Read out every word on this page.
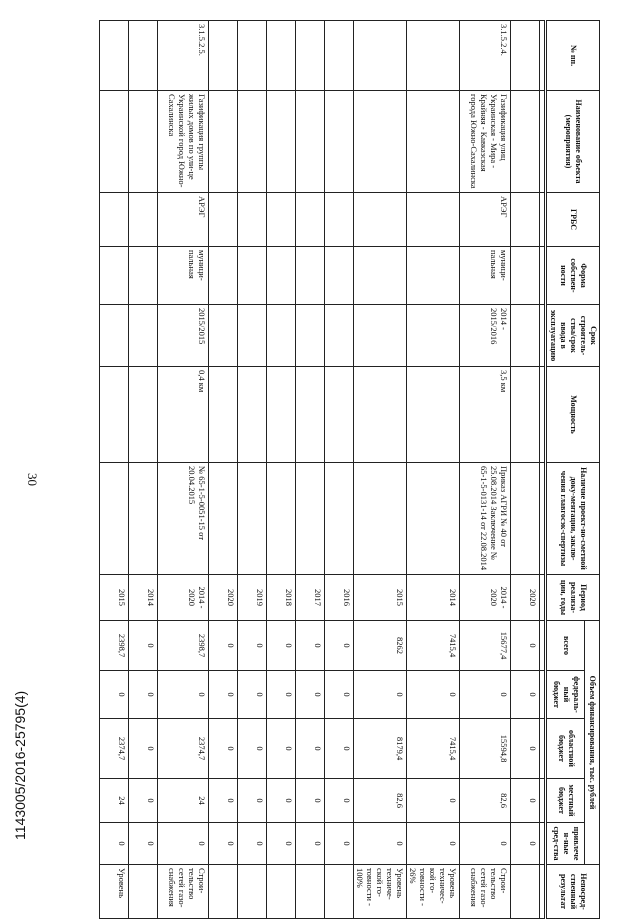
30
1143005/2016-25795(4)
№ пп.	Наименование объекта (мероприятия)	ГРБС	Форма собствен-ности	Срок строитель-ства/срок ввода в эксплуатацию	Мощность	Наличие проект-но-сметной доку-ментации, заклю-чения главгосэк-спертизы	Период реализа-ции, годы	Объем финансирования, тыс. рублей					Непосред-ственный результат
								всего	федераль-ный бюджет	областной бюджет	местный бюджет	привлечен-ные сред-ства	

							2020	0	0	0	0	0	
3.1.5.2.4.	Газификация улиц Украинская - Мира - Крайняя - Кавказская города Южно-Сахалинска	АРЭГ	муници-пальная	2014 - 2015/2016	3,5 км	Приказ АГРИ № 40 от 25.08.2014 Заключение № 65-1-5-0131-14 от 22.08.2014	2014 - 2020	15677,4	0	15594,8	82,6	0	Строи-тельство сетей газо-снабжения
							2014	7415,4	0	7415,4	0	0	Уровень техничес-кой го-товности - 26%
							2015	8262	0	8179,4	82,6	0	Уровень техниче-ской го-товности - 100%
							2016	0	0	0	0	0	
							2017	0	0	0	0	0	
							2018	0	0	0	0	0	
							2019	0	0	0	0	0	
							2020	0	0	0	0	0	
3.1.5.2.5.	Газификация группы жилых домов по ули-це Украинской город Южно-Сахалинска	АРЭГ	муници-пальная	2015/2015	0,4 км	№ 65-1-5-0051-15 от 20.04.2015	2014 - 2020	2398,7	0	2374,7	24	0	Строи-тельство сетей газо-снабжения
							2014	0	0	0	0	0	
							2015	2398,7	0	2374,7	24	0	Уровень
